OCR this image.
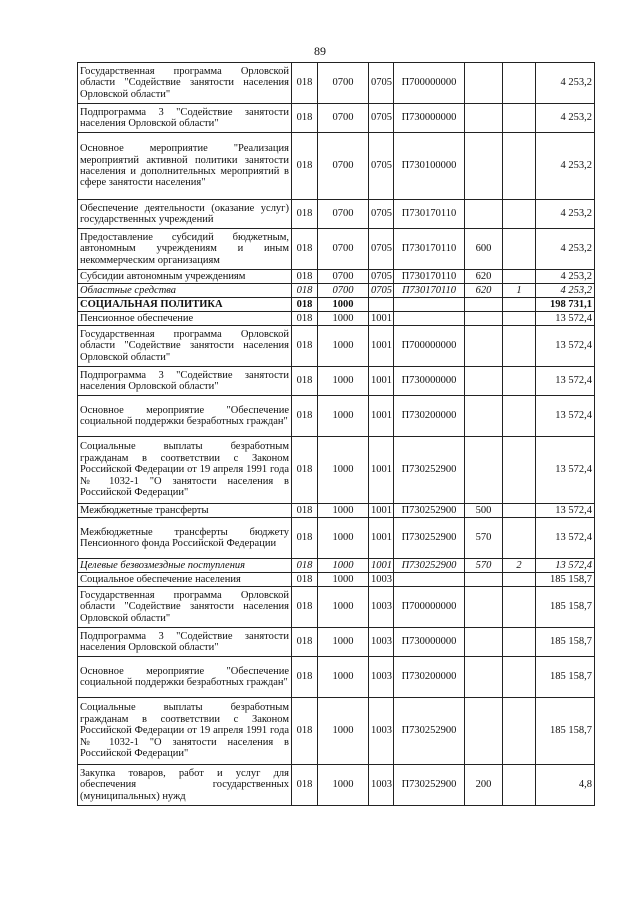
89
Государственная программа Орловской области "Содействие занятости населения Орловской области"	018	0700	0705	П700000000			4 253,2
Подпрограмма 3 "Содействие занятости населения Орловской области"	018	0700	0705	П730000000			4 253,2
Основное мероприятие "Реализация мероприятий активной политики занятости населения и дополнительных мероприятий в сфере занятости населения"	018	0700	0705	П730100000			4 253,2
Обеспечение деятельности (оказание услуг) государственных учреждений	018	0700	0705	П730170110			4 253,2
Предоставление субсидий бюджетным, автономным учреждениям и иным некоммерческим организациям	018	0700	0705	П730170110	600		4 253,2
Субсидии автономным учреждениям	018	0700	0705	П730170110	620		4 253,2
Областные средства	018	0700	0705	П730170110	620	1	4 253,2
СОЦИАЛЬНАЯ ПОЛИТИКА	018	1000					198 731,1
Пенсионное обеспечение	018	1000	1001				13 572,4
Государственная программа Орловской области "Содействие занятости населения Орловской области"	018	1000	1001	П700000000			13 572,4
Подпрограмма 3 "Содействие занятости населения Орловской области"	018	1000	1001	П730000000			13 572,4
Основное мероприятие "Обеспечение социальной поддержки безработных граждан"	018	1000	1001	П730200000			13 572,4
Социальные выплаты безработным гражданам в соответствии с Законом Российской Федерации от 19 апреля 1991 года № 1032-1 "О занятости населения в Российской Федерации"	018	1000	1001	П730252900			13 572,4
Межбюджетные трансферты	018	1000	1001	П730252900	500		13 572,4
Межбюджетные трансферты бюджету Пенсионного фонда Российской Федерации	018	1000	1001	П730252900	570		13 572,4
Целевые безвозмездные поступления	018	1000	1001	П730252900	570	2	13 572,4
Социальное обеспечение населения	018	1000	1003				185 158,7
Государственная программа Орловской области "Содействие занятости населения Орловской области"	018	1000	1003	П700000000			185 158,7
Подпрограмма 3 "Содействие занятости населения Орловской области"	018	1000	1003	П730000000			185 158,7
Основное мероприятие "Обеспечение социальной поддержки безработных граждан"	018	1000	1003	П730200000			185 158,7
Социальные выплаты безработным гражданам в соответствии с Законом Российской Федерации от 19 апреля 1991 года № 1032-1 "О занятости населения в Российской Федерации"	018	1000	1003	П730252900			185 158,7
Закупка товаров, работ и услуг для обеспечения государственных (муниципальных) нужд	018	1000	1003	П730252900	200		4,8
